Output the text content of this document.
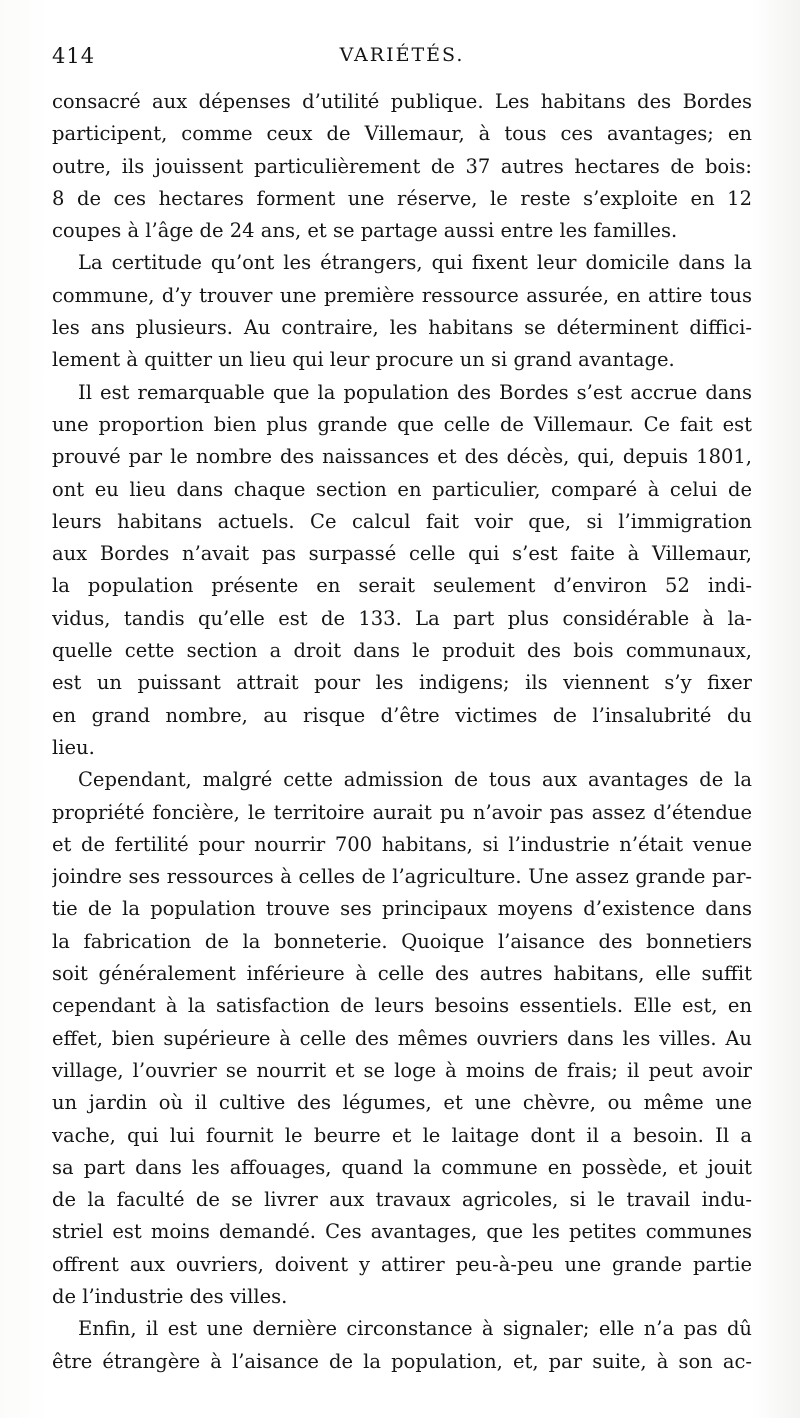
414	VARIÉTÉS.
consacré aux dépenses d’utilité publique. Les habitans des Bordes
participent, comme ceux de Villemaur, à tous ces avantages; en
outre, ils jouissent particulièrement de 37 autres hectares de bois:
8 de ces hectares forment une réserve, le reste s’exploite en 12
coupes à l’âge de 24 ans, et se partage aussi entre les familles.
La certitude qu’ont les étrangers, qui fixent leur domicile dans la
commune, d’y trouver une première ressource assurée, en attire tous
les ans plusieurs. Au contraire, les habitans se déterminent diffici-
lement à quitter un lieu qui leur procure un si grand avantage.
Il est remarquable que la population des Bordes s’est accrue dans
une proportion bien plus grande que celle de Villemaur. Ce fait est
prouvé par le nombre des naissances et des décès, qui, depuis 1801,
ont eu lieu dans chaque section en particulier, comparé à celui de
leurs habitans actuels. Ce calcul fait voir que, si l’immigration
aux Bordes n’avait pas surpassé celle qui s’est faite à Villemaur,
la population présente en serait seulement d’environ 52 indi-
vidus, tandis qu’elle est de 133. La part plus considérable à la-
quelle cette section a droit dans le produit des bois communaux,
est un puissant attrait pour les indigens; ils viennent s’y fixer
en grand nombre, au risque d’être victimes de l’insalubrité du
lieu.
Cependant, malgré cette admission de tous aux avantages de la
propriété foncière, le territoire aurait pu n’avoir pas assez d’étendue
et de fertilité pour nourrir 700 habitans, si l’industrie n’était venue
joindre ses ressources à celles de l’agriculture. Une assez grande par-
tie de la population trouve ses principaux moyens d’existence dans
la fabrication de la bonneterie. Quoique l’aisance des bonnetiers
soit généralement inférieure à celle des autres habitans, elle suffit
cependant à la satisfaction de leurs besoins essentiels. Elle est, en
effet, bien supérieure à celle des mêmes ouvriers dans les villes. Au
village, l’ouvrier se nourrit et se loge à moins de frais; il peut avoir
un jardin où il cultive des légumes, et une chèvre, ou même une
vache, qui lui fournit le beurre et le laitage dont il a besoin. Il a
sa part dans les affouages, quand la commune en possède, et jouit
de la faculté de se livrer aux travaux agricoles, si le travail indu-
striel est moins demandé. Ces avantages, que les petites communes
offrent aux ouvriers, doivent y attirer peu-à-peu une grande partie
de l’industrie des villes.
Enfin, il est une dernière circonstance à signaler; elle n’a pas dû
être étrangère à l’aisance de la population, et, par suite, à son ac-
